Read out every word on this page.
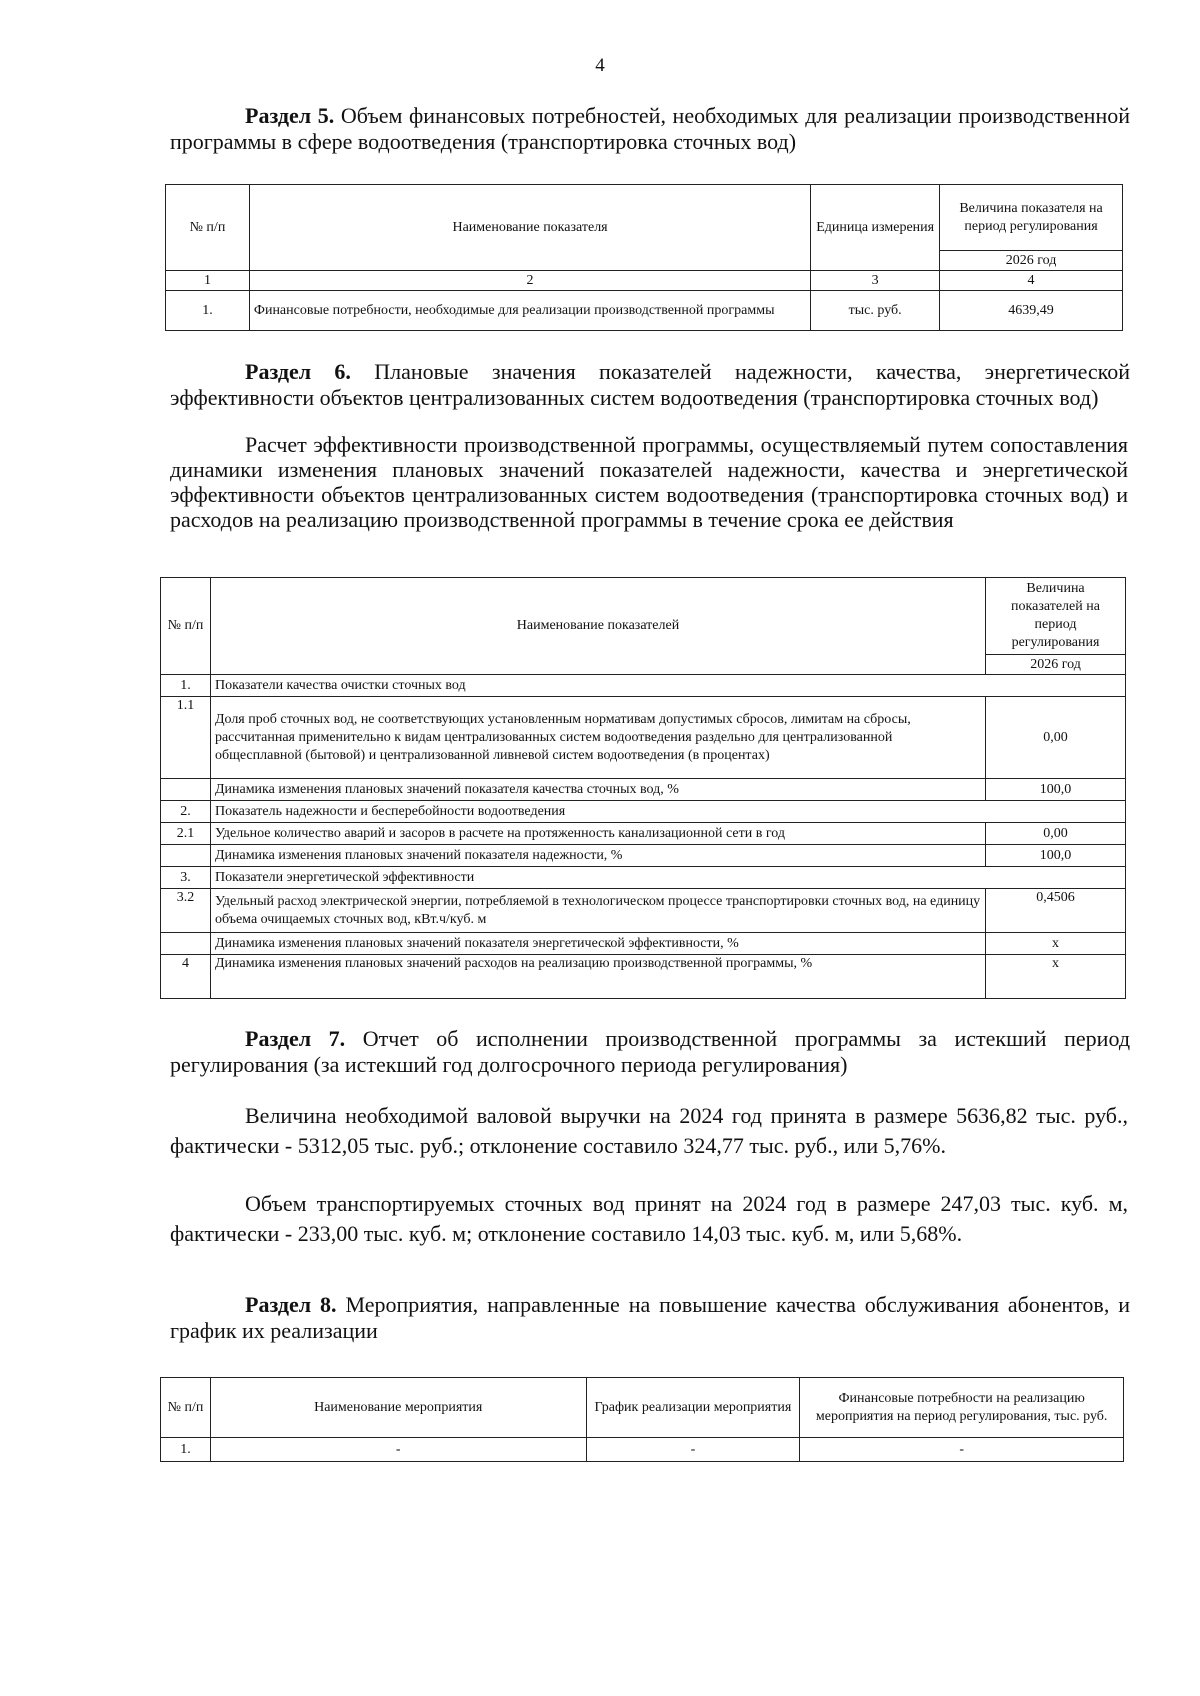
4
Раздел 5. Объем финансовых потребностей, необходимых для реализации производственной программы в сфере водоотведения (транспортировка сточных вод)
№ п/п	Наименование показателя	Единица измерения	Величина показателя на период регулирования
			2026 год
1	2	3	4
1.	Финансовые потребности, необходимые для реализации производственной программы	тыс. руб.	4639,49
Раздел 6. Плановые значения показателей надежности, качества, энергетической эффективности объектов централизованных систем водоотведения (транспортировка сточных вод)
Расчет эффективности производственной программы, осуществляемый путем сопоставления динамики изменения плановых значений показателей надежности, качества и энергетической эффективности объектов централизованных систем водоотведения (транспортировка сточных вод) и расходов на реализацию производственной программы в течение срока ее действия
№ п/п	Наименование показателей	Величина показателей на период регулирования
		2026 год
1.	Показатели качества очистки сточных вод	
1.1	Доля проб сточных вод, не соответствующих установленным нормативам допустимых сбросов, лимитам на сбросы, рассчитанная применительно к видам централизованных систем водоотведения раздельно для централизованной общесплавной (бытовой) и централизованной ливневой систем водоотведения (в процентах)	0,00
	Динамика изменения плановых значений показателя качества сточных вод, %	100,0
2.	Показатель надежности и бесперебойности водоотведения	
2.1	Удельное количество аварий и засоров в расчете на протяженность канализационной сети в год	0,00
	Динамика изменения плановых значений показателя надежности, %	100,0
3.	Показатели энергетической эффективности	
3.2	Удельный расход электрической энергии, потребляемой в технологическом процессе транспортировки сточных вод, на единицу объема очищаемых сточных вод, кВт.ч/куб. м	0,4506
	Динамика изменения плановых значений показателя энергетической эффективности, %	х
4	Динамика изменения плановых значений расходов на реализацию производственной программы, %	х
Раздел 7. Отчет об исполнении производственной программы за истекший период регулирования (за истекший год долгосрочного периода регулирования)
Величина необходимой валовой выручки на 2024 год принята в размере 5636,82 тыс. руб., фактически - 5312,05 тыс. руб.; отклонение составило 324,77 тыс. руб., или 5,76%.
Объем транспортируемых сточных вод принят на 2024 год в размере 247,03 тыс. куб. м, фактически - 233,00 тыс. куб. м; отклонение составило 14,03 тыс. куб. м, или 5,68%.
Раздел 8. Мероприятия, направленные на повышение качества обслуживания абонентов, и график их реализации
№ п/п	Наименование мероприятия	График реализации мероприятия	Финансовые потребности на реализацию мероприятия на период регулирования, тыс. руб.
1.	-	-	-
